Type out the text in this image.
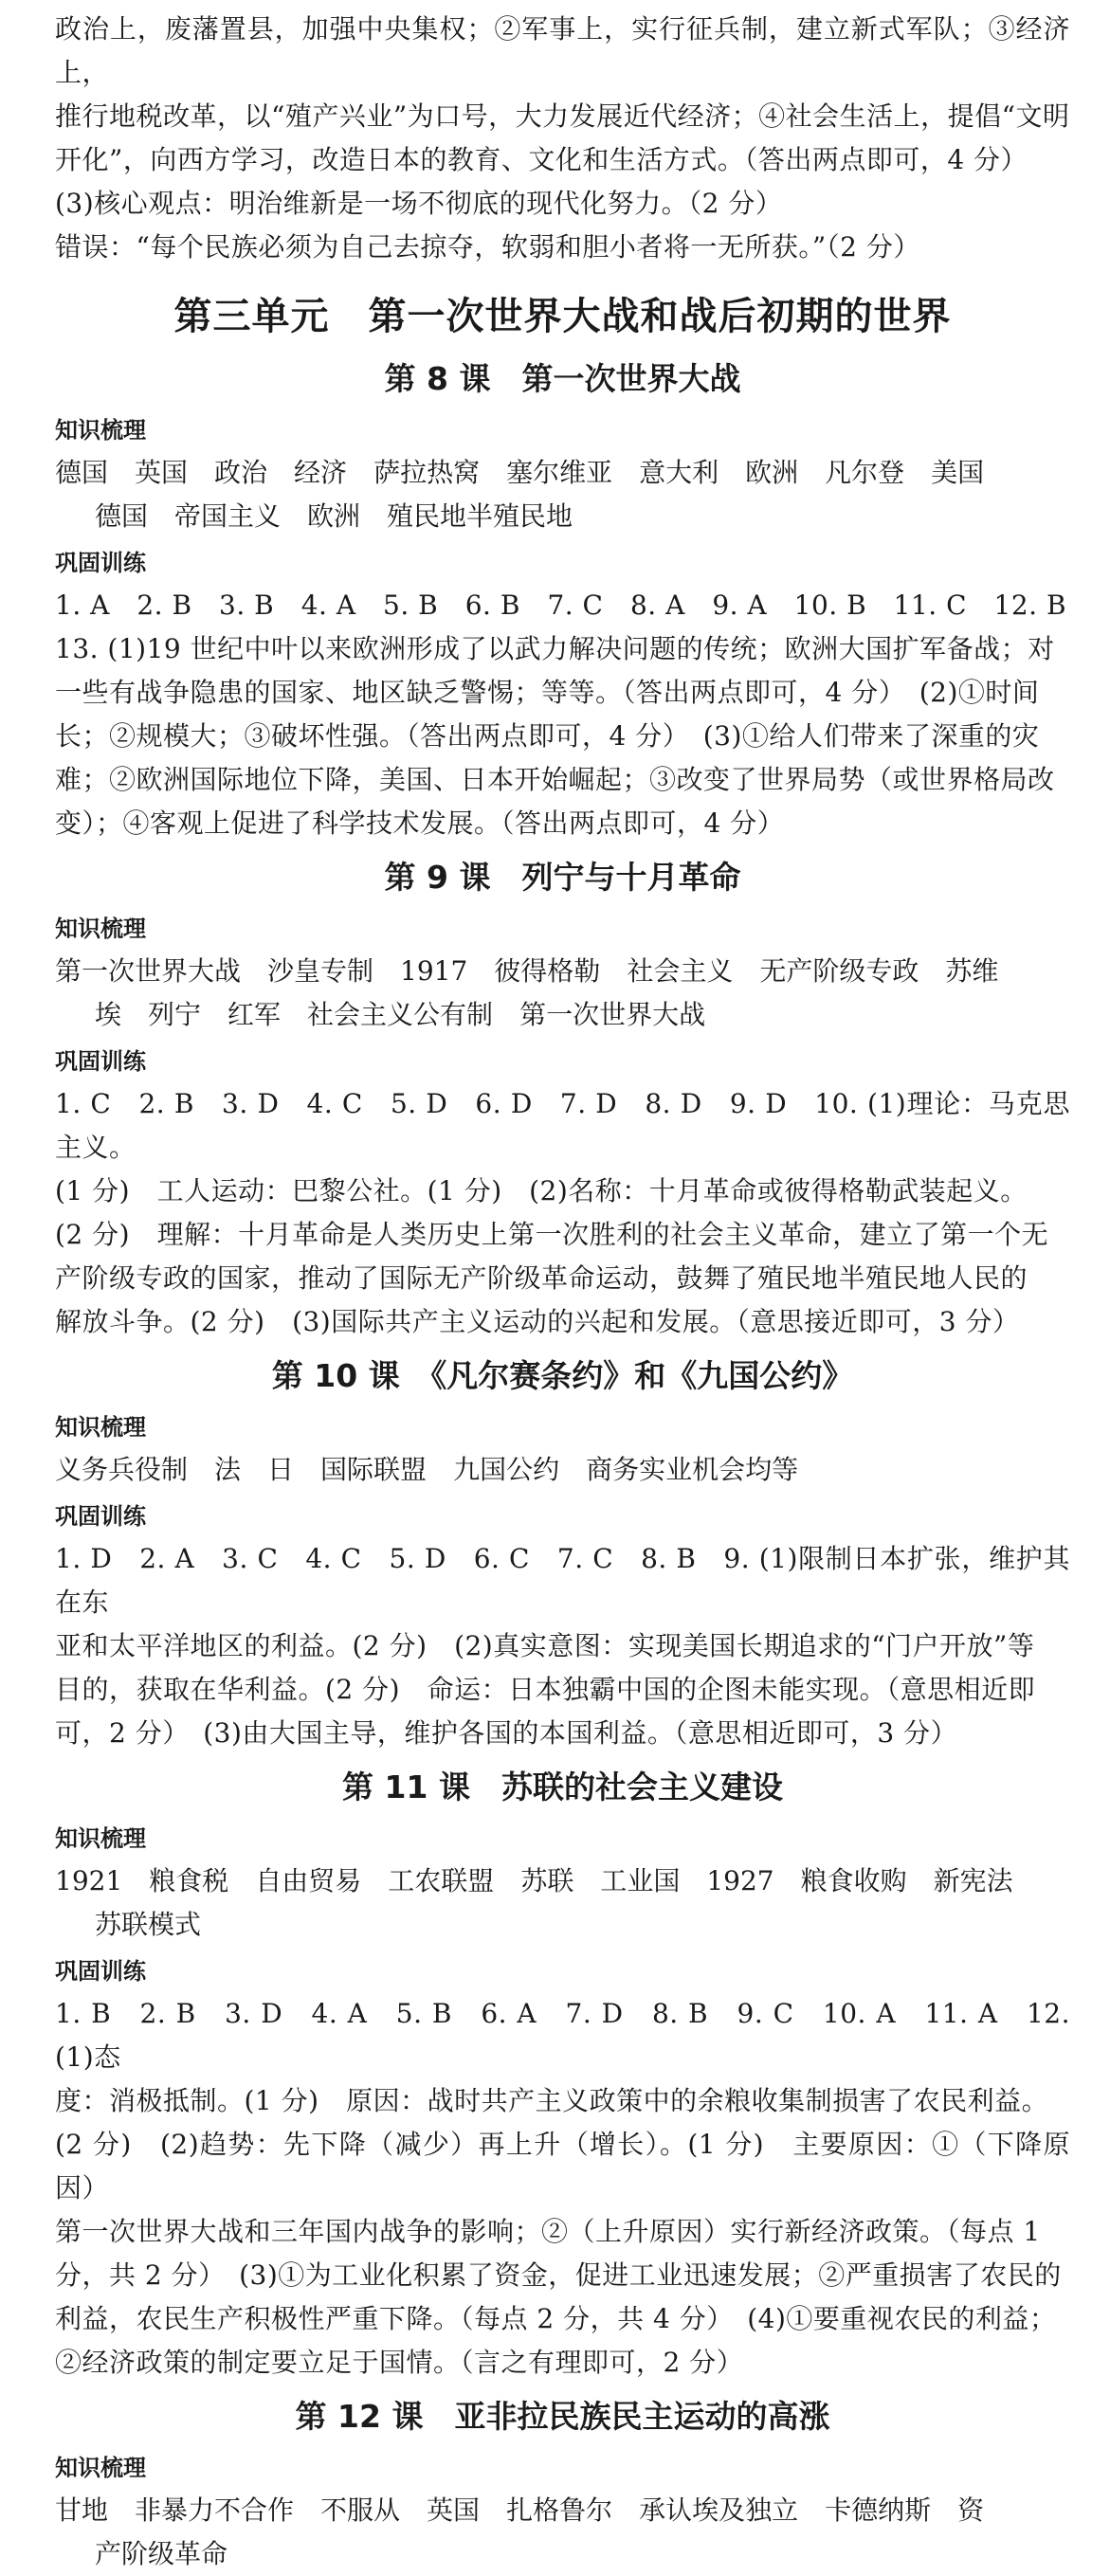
政治上，废藩置县，加强中央集权；②军事上，实行征兵制，建立新式军队；③经济上，

推行地税改革，以“殖产兴业”为口号，大力发展近代经济；④社会生活上，提倡“文明

开化”，向西方学习，改造日本的教育、文化和生活方式。（答出两点即可，4 分）

(3)核心观点：明治维新是一场不彻底的现代化努力。（2 分）

错误：“每个民族必须为自己去掠夺，软弱和胆小者将一无所获。”（2 分）

第三单元　第一次世界大战和战后初期的世界
第 8 课　第一次世界大战
知识梳理

德国 英国 政治 经济 萨拉热窝 塞尔维亚 意大利 欧洲 凡尔登 美国

德国 帝国主义 欧洲 殖民地半殖民地

巩固训练

1. A　2. B　3. B　4. A　5. B　6. B　7. C　8. A　9. A　10. B　11. C　12. B

13. (1)19 世纪中叶以来欧洲形成了以武力解决问题的传统；欧洲大国扩军备战；对

一些有战争隐患的国家、地区缺乏警惕；等等。（答出两点即可，4 分）　(2)①时间

长；②规模大；③破坏性强。（答出两点即可，4 分）　(3)①给人们带来了深重的灾

难；②欧洲国际地位下降，美国、日本开始崛起；③改变了世界局势（或世界格局改

变）；④客观上促进了科学技术发展。（答出两点即可，4 分）

第 9 课　列宁与十月革命
知识梳理

第一次世界大战 沙皇专制 1917 彼得格勒 社会主义 无产阶级专政 苏维

埃 列宁 红军 社会主义公有制 第一次世界大战

巩固训练

1. C　2. B　3. D　4. C　5. D　6. D　7. D　8. D　9. D　10. (1)理论：马克思主义。

(1 分)　工人运动：巴黎公社。(1 分)　(2)名称：十月革命或彼得格勒武装起义。

(2 分)　理解：十月革命是人类历史上第一次胜利的社会主义革命，建立了第一个无

产阶级专政的国家，推动了国际无产阶级革命运动，鼓舞了殖民地半殖民地人民的

解放斗争。(2 分)　(3)国际共产主义运动的兴起和发展。（意思接近即可，3 分）

第 10 课　《凡尔赛条约》和《九国公约》
知识梳理

义务兵役制 法 日 国际联盟 九国公约 商务实业机会均等

巩固训练

1. D　2. A　3. C　4. C　5. D　6. C　7. C　8. B　9. (1)限制日本扩张，维护其在东

亚和太平洋地区的利益。(2 分)　(2)真实意图：实现美国长期追求的“门户开放”等

目的，获取在华利益。(2 分)　命运：日本独霸中国的企图未能实现。（意思相近即

可，2 分）　(3)由大国主导，维护各国的本国利益。（意思相近即可，3 分）

第 11 课　苏联的社会主义建设
知识梳理

1921 粮食税 自由贸易 工农联盟 苏联 工业国 1927 粮食收购 新宪法

苏联模式

巩固训练

1. B　2. B　3. D　4. A　5. B　6. A　7. D　8. B　9. C　10. A　11. A　12. (1)态

度：消极抵制。(1 分)　原因：战时共产主义政策中的余粮收集制损害了农民利益。

(2 分)　(2)趋势：先下降（减少）再上升（增长）。(1 分)　主要原因：①（下降原因）

第一次世界大战和三年国内战争的影响；②（上升原因）实行新经济政策。（每点 1

分，共 2 分）　(3)①为工业化积累了资金，促进工业迅速发展；②严重损害了农民的

利益，农民生产积极性严重下降。（每点 2 分，共 4 分）　(4)①要重视农民的利益；

②经济政策的制定要立足于国情。（言之有理即可，2 分）

第 12 课　亚非拉民族民主运动的高涨
知识梳理

甘地 非暴力不合作 不服从 英国 扎格鲁尔 承认埃及独立 卡德纳斯 资

产阶级革命
